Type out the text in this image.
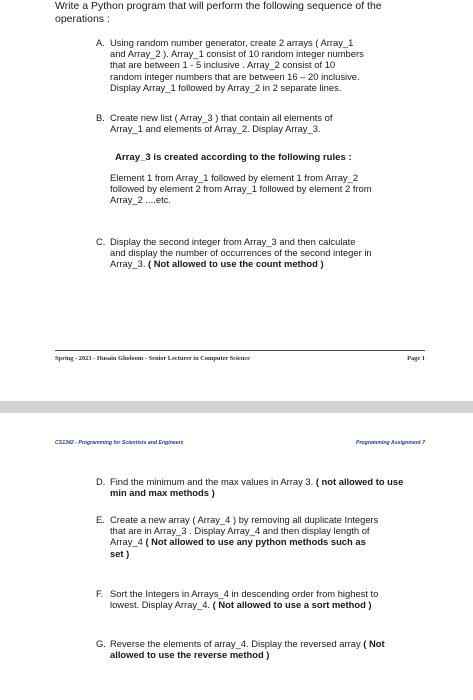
Write a Python program that will perform the following sequence of the operations :
A. Using random number generator, create 2 arrays ( Array_1
and Array_2 ). Array_1 consist of 10 random integer numbers
that are between 1 - 5 inclusive . Array_2 consist of 10
random integer numbers that are between 16 – 20 inclusive.
Display Array_1 followed by Array_2 in 2 separate lines.
B. Create new list ( Array_3 ) that contain all elements of
Array_1 and elements of Array_2. Display Array_3.
Array_3 is created according to the following rules :
Element 1 from Array_1 followed by element 1 from Array_2
followed by element 2 from Array_1 followed by element 2 from
Array_2 ....etc.
C. Display the second integer from Array_3 and then calculate
and display the number of occurrences of the second integer in
Array_3. ( Not allowed to use the count method )
Spring - 2023 - Husain Gholoom - Senior Lecturer in Computer Science	Page 1
CS1342 - Programming for Scientists and Engineers	Programming Assignment 7
D. Find the minimum and the max values in Array 3. ( not allowed to use min and max methods )
E. Create a new array ( Array_4 ) by removing all duplicate Integers that are in Array_3 . Display Array_4 and then display length of Array_4 ( Not allowed to use any python methods such as set )
F. Sort the Integers in Arrays_4 in descending order from highest to lowest. Display Array_4. ( Not allowed to use a sort method )
G. Reverse the elements of array_4. Display the reversed array ( Not allowed to use the reverse method )
